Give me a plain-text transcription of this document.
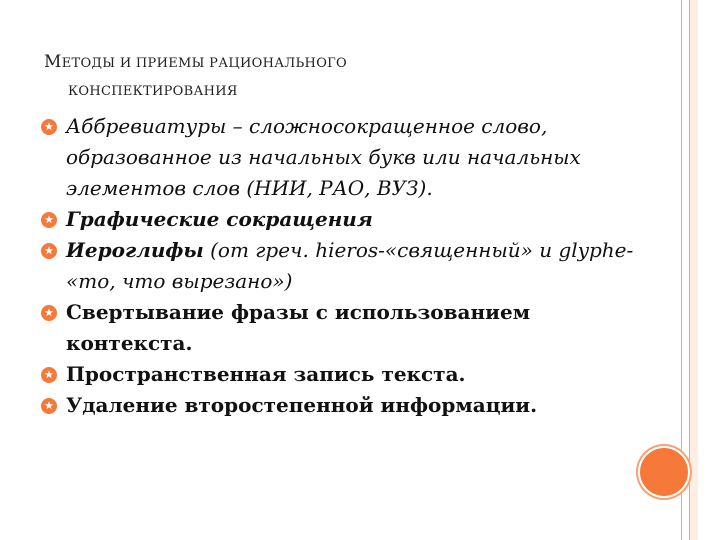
МЕТОДЫ И ПРИЕМЫ РАЦИОНАЛЬНОГО
КОНСПЕКТИРОВАНИЯ
Аббревиатуры – сложносокращенное слово, образованное из начальных букв или начальных элементов слов (НИИ, РАО, ВУЗ).
Графические сокращения
Иероглифы (от греч. hieros-«священный» и glyphe- «то, что вырезано»)
Свертывание фразы с использованием контекста.
Пространственная запись текста.
Удаление второстепенной информации.
